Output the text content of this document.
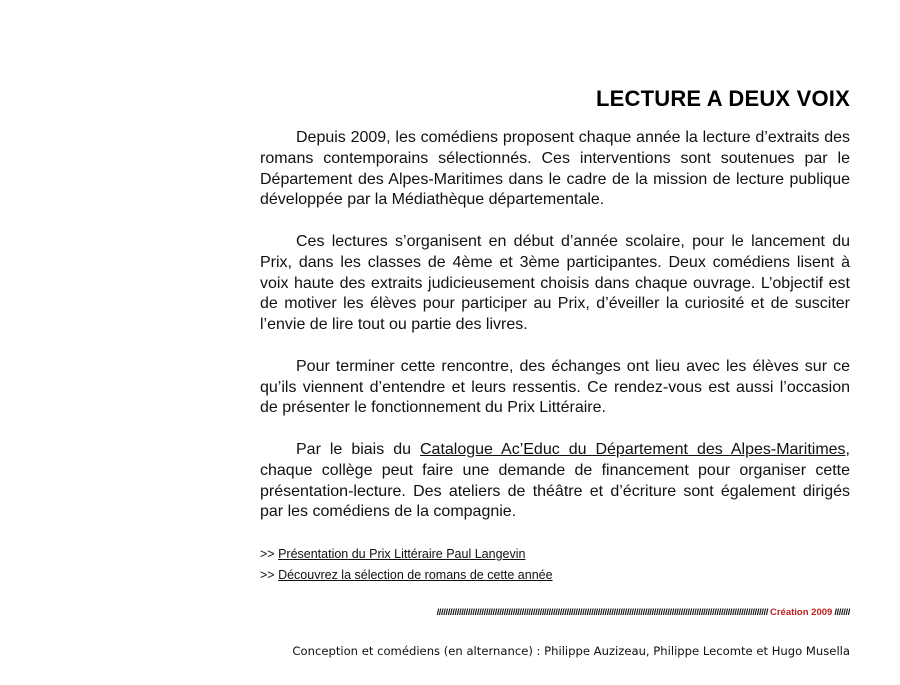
LECTURE A DEUX VOIX

Depuis 2009, les comédiens proposent chaque année la lecture d’extraits des romans contemporains sélectionnés. Ces interventions sont soutenues par le Département des Alpes-Maritimes dans le cadre de la mission de lecture publique développée par la Médiathèque départementale.

Ces lectures s’organisent en début d’année scolaire, pour le lancement du Prix, dans les classes de 4ème et 3ème participantes. Deux comédiens lisent à voix haute des extraits judicieusement choisis dans chaque ouvrage. L’objectif est de motiver les élèves pour participer au Prix, d’éveiller la curiosité et de susciter l’envie de lire tout ou partie des livres.

Pour terminer cette rencontre, des échanges ont lieu avec les élèves sur ce qu’ils viennent d’entendre et leurs ressentis. Ce rendez-vous est aussi l’occasion de présenter le fonctionnement du Prix Littéraire.

Par le biais du Catalogue Ac’Educ du Département des Alpes-Maritimes, chaque collège peut faire une demande de financement pour organiser cette présentation-lecture. Des ateliers de théâtre et d’écriture sont également dirigés par les comédiens de la compagnie.

>> Présentation du Prix Littéraire Paul Langevin
>> Découvrez la sélection de romans de cette année
//////////////////////////////////////////////////////////////////////////////////////////////////////////////////////////////////////////////////// Création 2009 ///////
Conception et comédiens (en alternance) : Philippe Auzizeau, Philippe Lecomte et Hugo Musella
